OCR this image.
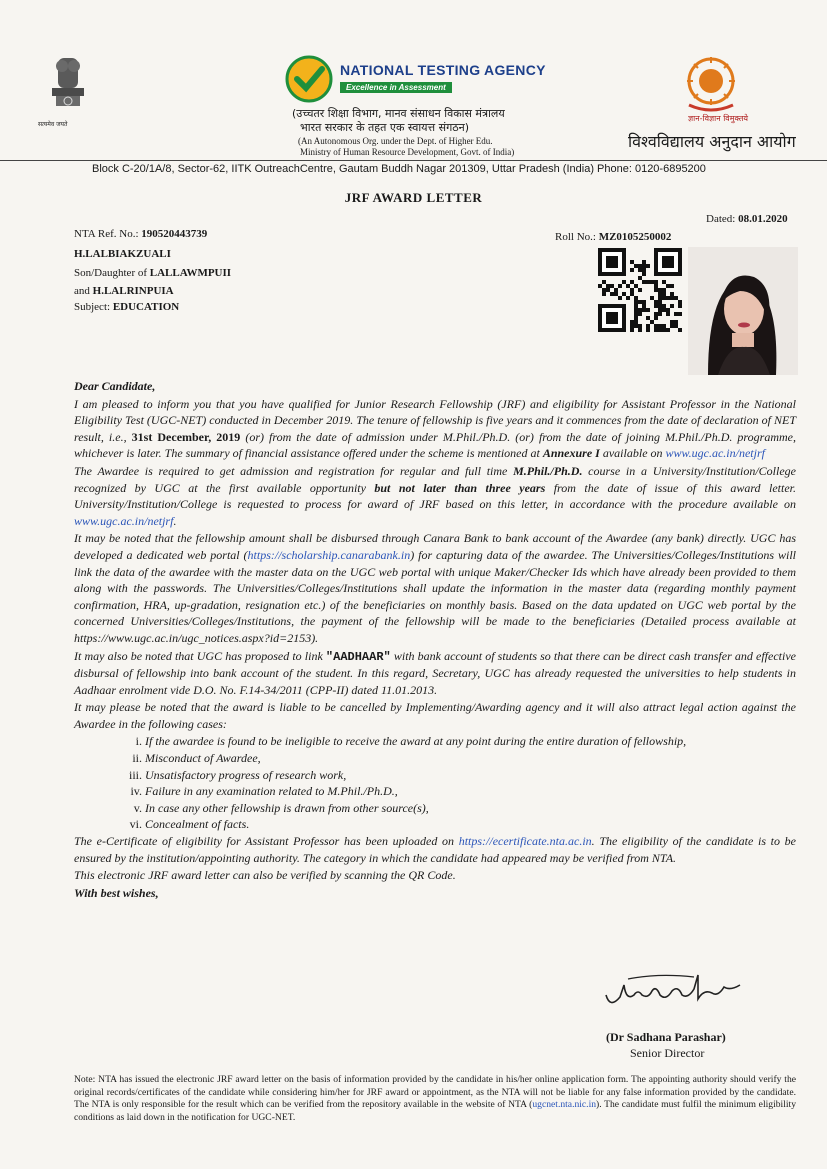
सत्यमेव जयते
NATIONAL TESTING AGENCY
Excellence in Assessment
(उच्चतर शिक्षा विभाग, मानव संसाधन विकास मंत्रालय
भारत सरकार के तहत एक स्वायत्त संगठन)
(An Autonomous Org. under the Dept. of Higher Edu.
Ministry of Human Resource Development, Govt. of India)
ज्ञान-विज्ञान विमुक्तये
विश्वविद्यालय अनुदान आयोग
Block C-20/1A/8, Sector-62, IITK OutreachCentre, Gautam Buddh Nagar 201309, Uttar Pradesh (India) Phone: 0120-6895200
JRF AWARD LETTER
Dated: 08.01.2020
NTA Ref. No.: 190520443739	Roll No.: MZ0105250002
H.LALBIAKZUALI
Son/Daughter of LALLAWMPUII
and H.LALRINPUIA
Subject: EDUCATION

Dear Candidate,

I am pleased to inform you that you have qualified for Junior Research Fellowship (JRF) and eligibility for Assistant Professor in the National Eligibility Test (UGC-NET) conducted in December 2019. The tenure of fellowship is five years and it commences from the date of declaration of NET result, i.e., 31st December, 2019 (or) from the date of admission under M.Phil./Ph.D. (or) from the date of joining M.Phil./Ph.D. programme, whichever is later. The summary of financial assistance offered under the scheme is mentioned at Annexure I available on www.ugc.ac.in/netjrf

The Awardee is required to get admission and registration for regular and full time M.Phil./Ph.D. course in a University/Institution/College recognized by UGC at the first available opportunity but not later than three years from the date of issue of this award letter. University/Institution/College is requested to process for award of JRF based on this letter, in accordance with the procedure available on www.ugc.ac.in/netjrf.

It may be noted that the fellowship amount shall be disbursed through Canara Bank to bank account of the Awardee (any bank) directly. UGC has developed a dedicated web portal (https://scholarship.canarabank.in) for capturing data of the awardee. The Universities/Colleges/Institutions will link the data of the awardee with the master data on the UGC web portal with unique Maker/Checker Ids which have already been provided to them along with the passwords. The Universities/Colleges/Institutions shall update the information in the master data (regarding monthly payment confirmation, HRA, up-gradation, resignation etc.) of the beneficiaries on monthly basis. Based on the data updated on UGC web portal by the concerned Universities/Colleges/Institutions, the payment of the fellowship will be made to the beneficiaries (Detailed process available at https://www.ugc.ac.in/ugc_notices.aspx?id=2153).

It may also be noted that UGC has proposed to link "AADHAAR" with bank account of students so that there can be direct cash transfer and effective disbursal of fellowship into bank account of the student. In this regard, Secretary, UGC has already requested the universities to help students in Aadhaar enrolment vide D.O. No. F.14-34/2011 (CPP-II) dated 11.01.2013.

It may please be noted that the award is liable to be cancelled by Implementing/Awarding agency and it will also attract legal action against the Awardee in the following cases:

i. If the awardee is found to be ineligible to receive the award at any point during the entire duration of fellowship,
ii. Misconduct of Awardee,
iii. Unsatisfactory progress of research work,
iv. Failure in any examination related to M.Phil./Ph.D.,
v. In case any other fellowship is drawn from other source(s),
vi. Concealment of facts.

The e-Certificate of eligibility for Assistant Professor has been uploaded on https://ecertificate.nta.ac.in. The eligibility of the candidate is to be ensured by the institution/appointing authority. The category in which the candidate had appeared may be verified from NTA.

This electronic JRF award letter can also be verified by scanning the QR Code.

With best wishes,

(Dr Sadhana Parashar)
Senior Director
Note: NTA has issued the electronic JRF award letter on the basis of information provided by the candidate in his/her online application form. The appointing authority should verify the original records/certificates of the candidate while considering him/her for JRF award or appointment, as the NTA will not be liable for any false information provided by the candidate. The NTA is only responsible for the result which can be verified from the repository available in the website of NTA (ugcnet.nta.nic.in). The candidate must fulfil the minimum eligibility conditions as laid down in the notification for UGC-NET.
